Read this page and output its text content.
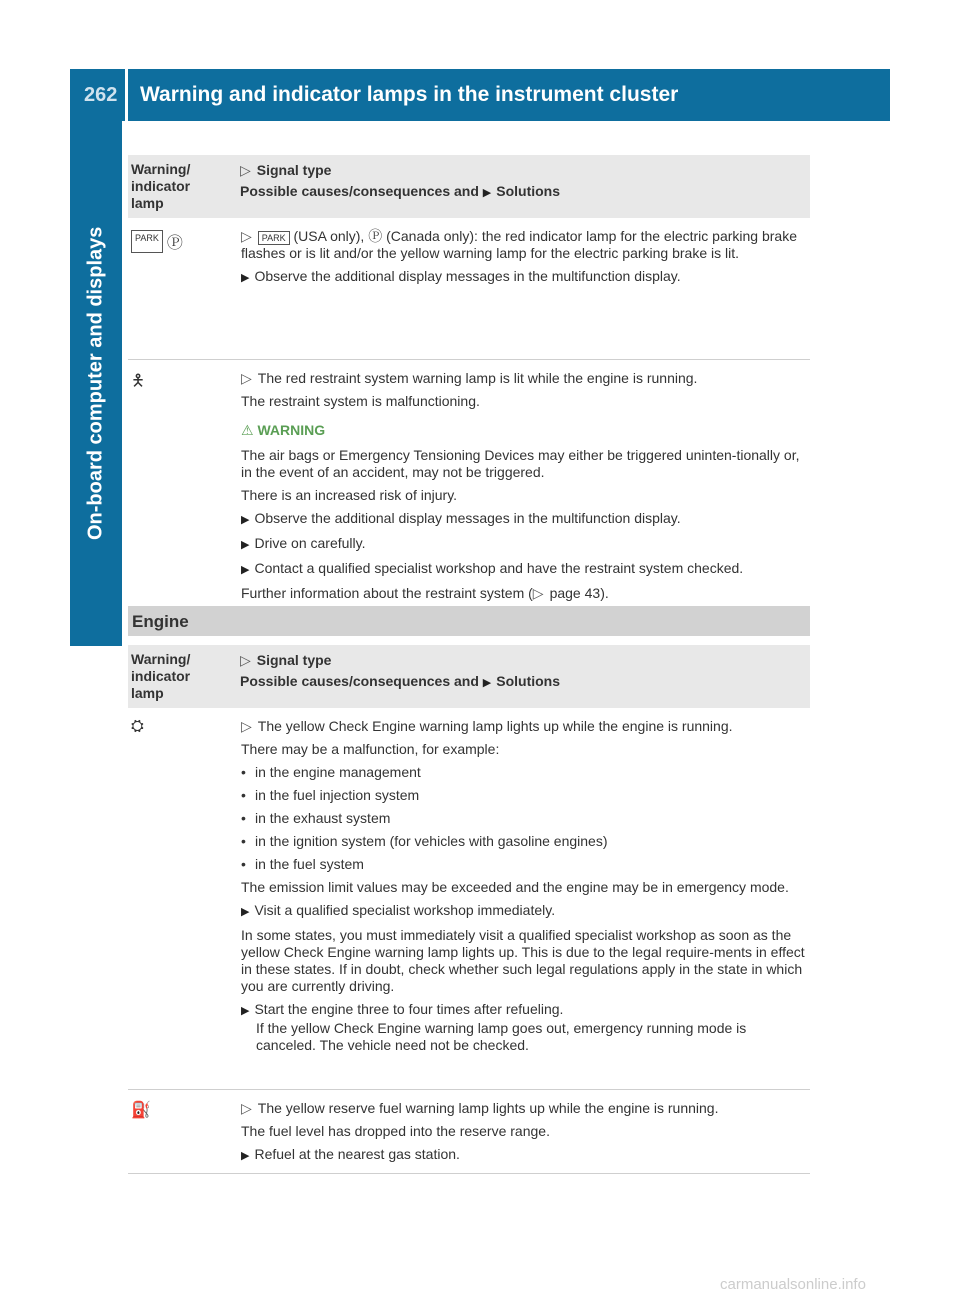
262 Warning and indicator lamps in the instrument cluster
On-board computer and displays
Warning/
indicator
lamp
▷ Signal type
Possible causes/consequences and ▶ Solutions
PARK Ⓟ	▷ PARK (USA only), Ⓟ (Canada only): the red indicator lamp for the electric parking brake flashes or is lit and/or the yellow warning lamp for the electric parking brake is lit.

▶ Observe the additional display messages in the multifunction display.

🯅	▷ The red restraint system warning lamp is lit while the engine is running.

The restraint system is malfunctioning.

⚠ WARNING

The air bags or Emergency Tensioning Devices may either be triggered uninten-tionally or, in the event of an accident, may not be triggered.

There is an increased risk of injury.

▶ Observe the additional display messages in the multifunction display.

▶ Drive on carefully.

▶ Contact a qualified specialist workshop and have the restraint system checked.

Further information about the restraint system (▷ page 43).

Engine
Warning/
indicator
lamp
▷ Signal type
Possible causes/consequences and ▶ Solutions
⛭	▷ The yellow Check Engine warning lamp lights up while the engine is running.

There may be a malfunction, for example:

• in the engine management

• in the fuel injection system

• in the exhaust system

• in the ignition system (for vehicles with gasoline engines)

• in the fuel system

The emission limit values may be exceeded and the engine may be in emergency mode.

▶ Visit a qualified specialist workshop immediately.

In some states, you must immediately visit a qualified specialist workshop as soon as the yellow Check Engine warning lamp lights up. This is due to the legal require-ments in effect in these states. If in doubt, check whether such legal regulations apply in the state in which you are currently driving.

▶ Start the engine three to four times after refueling.

If the yellow Check Engine warning lamp goes out, emergency running mode is canceled. The vehicle need not be checked.

⛽	▷ The yellow reserve fuel warning lamp lights up while the engine is running.

The fuel level has dropped into the reserve range.

▶ Refuel at the nearest gas station.

carmanualsonline.info
